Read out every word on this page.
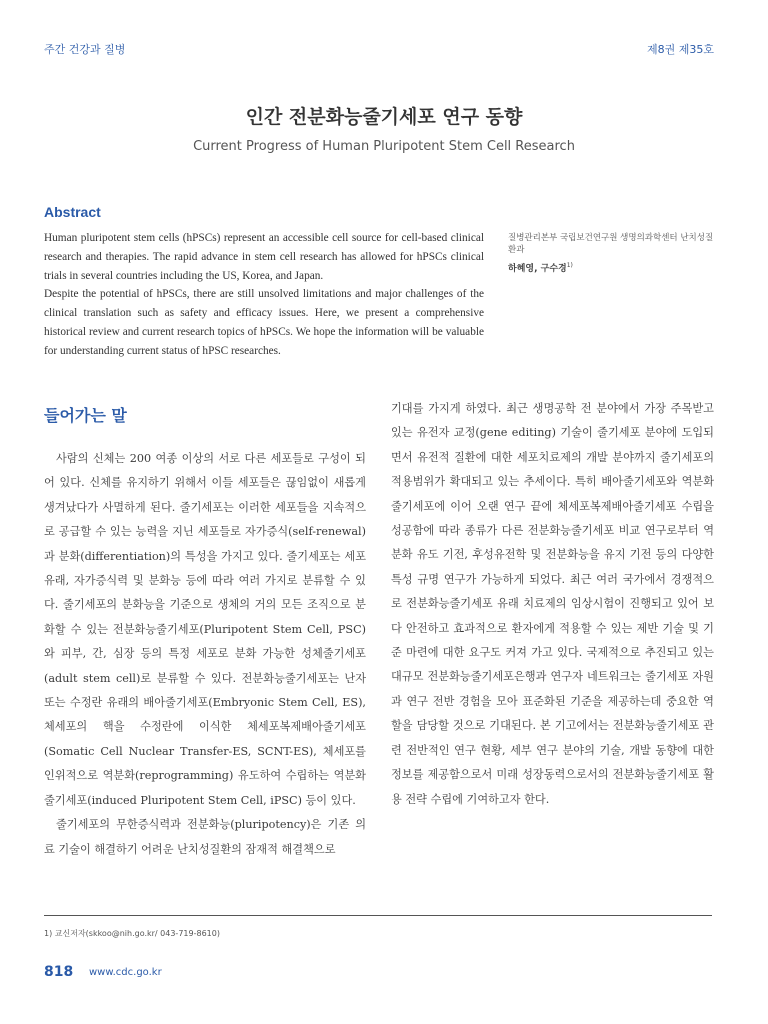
주간 건강과 질병	제8권 제35호
인간 전분화능줄기세포 연구 동향
Current Progress of Human Pluripotent Stem Cell Research
Abstract

Human pluripotent stem cells (hPSCs) represent an accessible cell source for cell-based clinical research and therapies. The rapid advance in stem cell research has allowed for hPSCs clinical trials in several countries including the US, Korea, and Japan.

Despite the potential of hPSCs, there are still unsolved limitations and major challenges of the clinical translation such as safety and efficacy issues. Here, we present a comprehensive historical review and current research topics of hPSCs. We hope the information will be valuable for understanding current status of hPSC researches.

질병관리본부 국립보건연구원 생명의과학센터 난치성질환과
하혜영, 구수경$^{1)}$
들어가는 말

사람의 신체는 200 여종 이상의 서로 다른 세포들로 구성이 되어 있다. 신체를 유지하기 위해서 이들 세포들은 끊임없이 새롭게 생겨났다가 사멸하게 된다. 줄기세포는 이러한 세포들을 지속적으로 공급할 수 있는 능력을 지닌 세포들로 자가증식(self-renewal)과 분화(differentiation)의 특성을 가지고 있다. 줄기세포는 세포 유래, 자가증식력 및 분화능 등에 따라 여러 가지로 분류할 수 있다. 줄기세포의 분화능을 기준으로 생체의 거의 모든 조직으로 분화할 수 있는 전분화능줄기세포(Pluripotent Stem Cell, PSC)와 피부, 간, 심장 등의 특정 세포로 분화 가능한 성체줄기세포(adult stem cell)로 분류할 수 있다. 전분화능줄기세포는 난자 또는 수정란 유래의 배아줄기세포(Embryonic Stem Cell, ES), 체세포의 핵을 수정란에 이식한 체세포복제배아줄기세포(Somatic Cell Nuclear Transfer-ES, SCNT-ES), 체세포를 인위적으로 역분화(reprogramming) 유도하여 수립하는 역분화줄기세포(induced Pluripotent Stem Cell, iPSC) 등이 있다.

줄기세포의 무한증식력과 전분화능(pluripotency)은 기존 의료 기술이 해결하기 어려운 난치성질환의 잠재적 해결책으로

기대를 가지게 하였다. 최근 생명공학 전 분야에서 가장 주목받고 있는 유전자 교정(gene editing) 기술이 줄기세포 분야에 도입되면서 유전적 질환에 대한 세포치료제의 개발 분야까지 줄기세포의 적용범위가 확대되고 있는 추세이다. 특히 배아줄기세포와 역분화줄기세포에 이어 오랜 연구 끝에 체세포복제배아줄기세포 수립을 성공함에 따라 종류가 다른 전분화능줄기세포 비교 연구로부터 역분화 유도 기전, 후성유전학 및 전분화능을 유지 기전 등의 다양한 특성 규명 연구가 가능하게 되었다. 최근 여러 국가에서 경쟁적으로 전분화능줄기세포 유래 치료제의 임상시험이 진행되고 있어 보다 안전하고 효과적으로 환자에게 적용할 수 있는 제반 기술 및 기준 마련에 대한 요구도 커져 가고 있다. 국제적으로 추진되고 있는 대규모 전분화능줄기세포은행과 연구자 네트워크는 줄기세포 자원과 연구 전반 경험을 모아 표준화된 기준을 제공하는데 중요한 역할을 담당할 것으로 기대된다. 본 기고에서는 전분화능줄기세포 관련 전반적인 연구 현황, 세부 연구 분야의 기술, 개발 동향에 대한 정보를 제공함으로서 미래 성장동력으로서의 전분화능줄기세포 활용 전략 수립에 기여하고자 한다.

1) 교신저자(skkoo@nih.go.kr/ 043-719-8610)
818 www.cdc.go.kr
